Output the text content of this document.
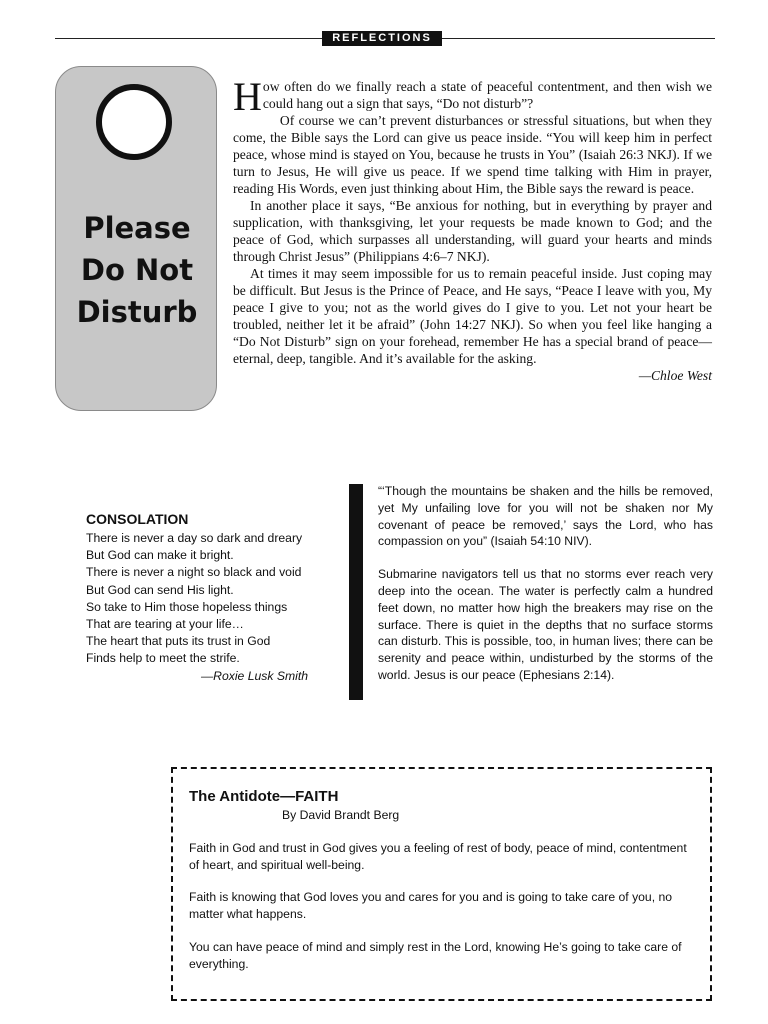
REFLECTIONS
Please
Do Not
Disturb

How often do we finally reach a state of peaceful contentment, and then wish we could hang out a sign that says, “Do not disturb”?

Of course we can’t prevent disturbances or stressful situations, but when they come, the Bible says the Lord can give us peace inside. “You will keep him in perfect peace, whose mind is stayed on You, because he trusts in You” (Isaiah 26:3 NKJ). If we turn to Jesus, He will give us peace. If we spend time talking with Him in prayer, reading His Words, even just thinking about Him, the Bible says the reward is peace.

In another place it says, “Be anxious for nothing, but in everything by prayer and supplication, with thanksgiving, let your requests be made known to God; and the peace of God, which surpasses all understanding, will guard your hearts and minds through Christ Jesus” (Philippians 4:6–7 NKJ).

At times it may seem impossible for us to remain peaceful inside. Just coping may be difficult. But Jesus is the Prince of Peace, and He says, “Peace I leave with you, My peace I give to you; not as the world gives do I give to you. Let not your heart be troubled, neither let it be afraid” (John 14:27 NKJ). So when you feel like hanging a “Do Not Disturb” sign on your forehead, remember He has a special brand of peace—eternal, deep, tangible. And it’s available for the asking.

—Chloe West

CONSOLATION
There is never a day so dark and dreary
But God can make it bright.
There is never a night so black and void
But God can send His light.
So take to Him those hopeless things
That are tearing at your life…
The heart that puts its trust in God
Finds help to meet the strife.
—Roxie Lusk Smith

“‘Though the mountains be shaken and the hills be removed, yet My unfailing love for you will not be shaken nor My covenant of peace be removed,’ says the Lord, who has compassion on you” (Isaiah 54:10 NIV).

Submarine navigators tell us that no storms ever reach very deep into the ocean. The water is perfectly calm a hundred feet down, no matter how high the breakers may rise on the surface. There is quiet in the depths that no surface storms can disturb. This is possible, too, in human lives; there can be serenity and peace within, undisturbed by the storms of the world. Jesus is our peace (Ephesians 2:14).

The Antidote—FAITH
By David Brandt Berg

Faith in God and trust in God gives you a feeling of rest of body, peace of mind, contentment of heart, and spiritual well-being.

Faith is knowing that God loves you and cares for you and is going to take care of you, no matter what happens.

You can have peace of mind and simply rest in the Lord, knowing He’s going to take care of everything.
